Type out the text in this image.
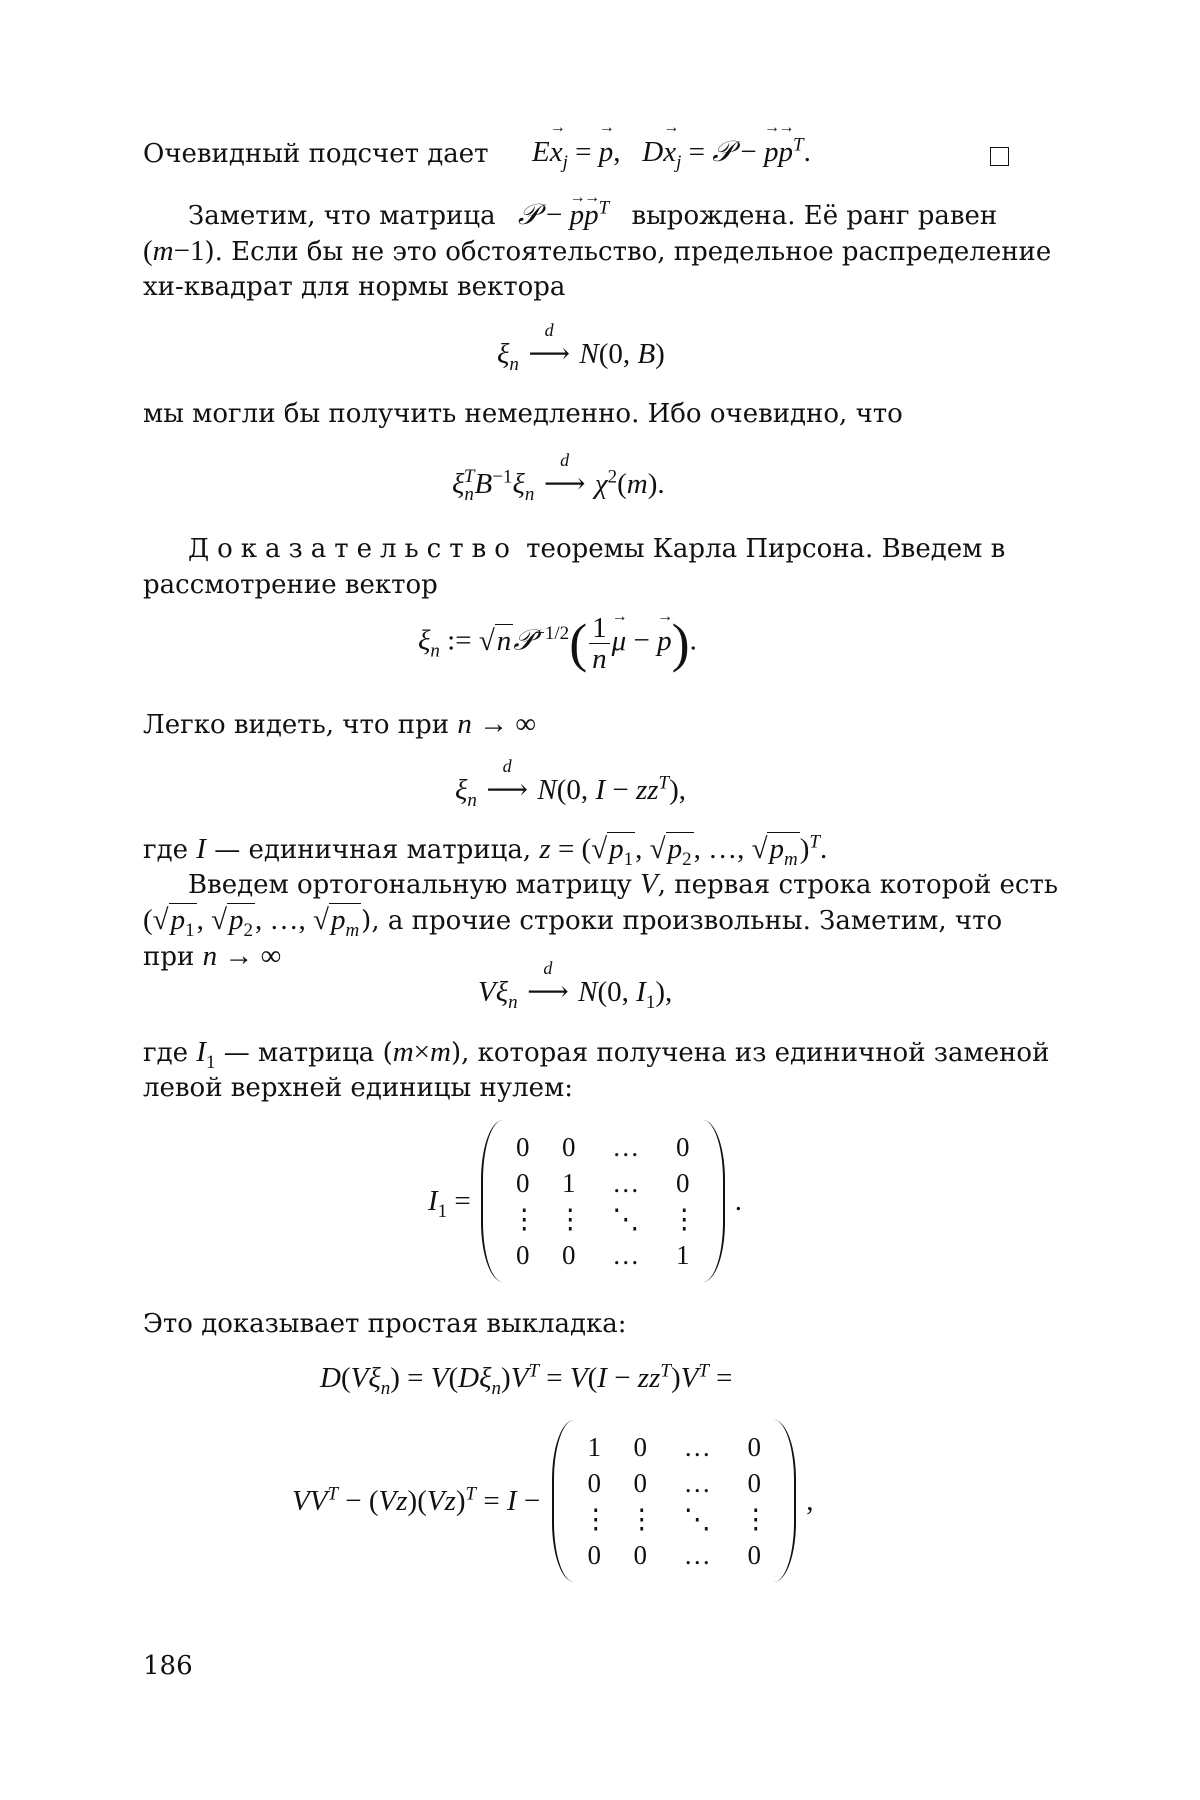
Очевидный подсчет дает $E\to x_j$ = → p,   $D\to x_j$ = 𝒫 − → $p\to p^T$.
Заметим, что матрица 𝒫 − → $p\to p^T$ вырождена. Её ранг равен
(m−1). Если бы не это обстоятельство, предельное распределение
хи-квадрат для нормы вектора
$\xi_n$
d
⟶ N(0, B)
мы могли бы получить немедленно. Ибо очевидно, что
$\xi_n^TB^{-1}\xi_n$
d
⟶ $\chi^2(m)$.
Доказательство теоремы Карла Пирсона. Введем в
рассмотрение вектор
$\xi_n$ := √n𝒫$^{-1/2}$( $\frac{1}{n} \to \mu$ − → p).
Легко видеть, что при n → ∞
$\xi_n$
d
⟶ N(0, $I - zz^T$),
где I — единичная матрица, $z = (√p_1$, $√p_2$, …, $√p_m)^T$.
Введем ортогональную матрицу V, первая строка которой есть
($√p_1$, $√p_2$, …, $√p_m$), а прочие строки произвольны. Заметим, что
при n → ∞
$V\xi_n$
d
⟶ N(0, $I_1$),
где $I_1$ — матрица (m×m), которая получена из единичной заменой
левой верхней единицы нулем:
$I_1$ =
0 0	…	0
0 1	…	0
⋮ ⋮	⋱	⋮
0 0	…	1
.
Это доказывает простая выкладка:
$D(V\xi_n) = V(D\xi_n)V^T = V(I - zz^T)V^T$ =
$VV^T - (Vz)(Vz)^T = I$ −
1 0	…	0
0 0	…	0
⋮ ⋮	⋱	⋮
0 0	…	0
,
186
